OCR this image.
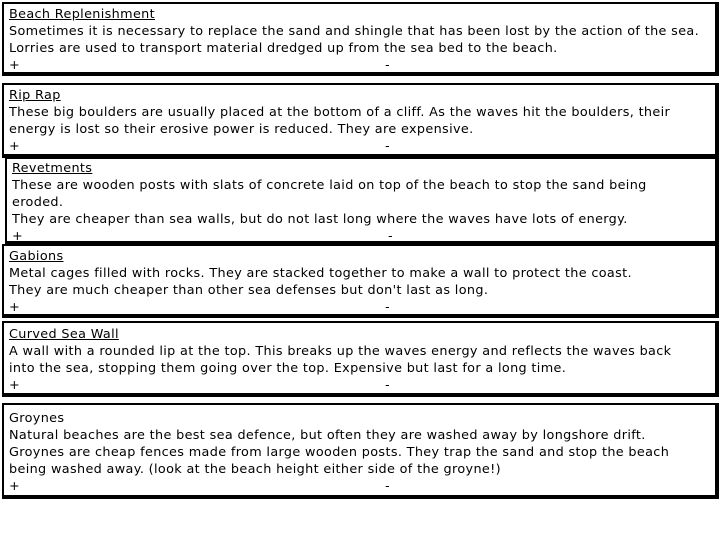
Beach Replenishment

Sometimes it is necessary to replace the sand and shingle that has been lost by the action of the sea.

Lorries are used to transport material dredged up from the sea bed to the beach.

+	-

Rip Rap

These big boulders are usually placed at the bottom of a cliff. As the waves hit the boulders, their

energy is lost so their erosive power is reduced. They are expensive.

+	-

Revetments

These are wooden posts with slats of concrete laid on top of the beach to stop the sand being

eroded.

They are cheaper than sea walls, but do not last long where the waves have lots of energy.

+	-

Gabions

Metal cages filled with rocks. They are stacked together to make a wall to protect the coast.

They are much cheaper than other sea defenses but don't last as long.

+	-

Curved Sea Wall

A wall with a rounded lip at the top. This breaks up the waves energy and reflects the waves back

into the sea, stopping them going over the top. Expensive but last for a long time.

+	-

Groynes

Natural beaches are the best sea defence, but often they are washed away by longshore drift.

Groynes are cheap fences made from large wooden posts. They trap the sand and stop the beach

being washed away. (look at the beach height either side of the groyne!)

+	-
